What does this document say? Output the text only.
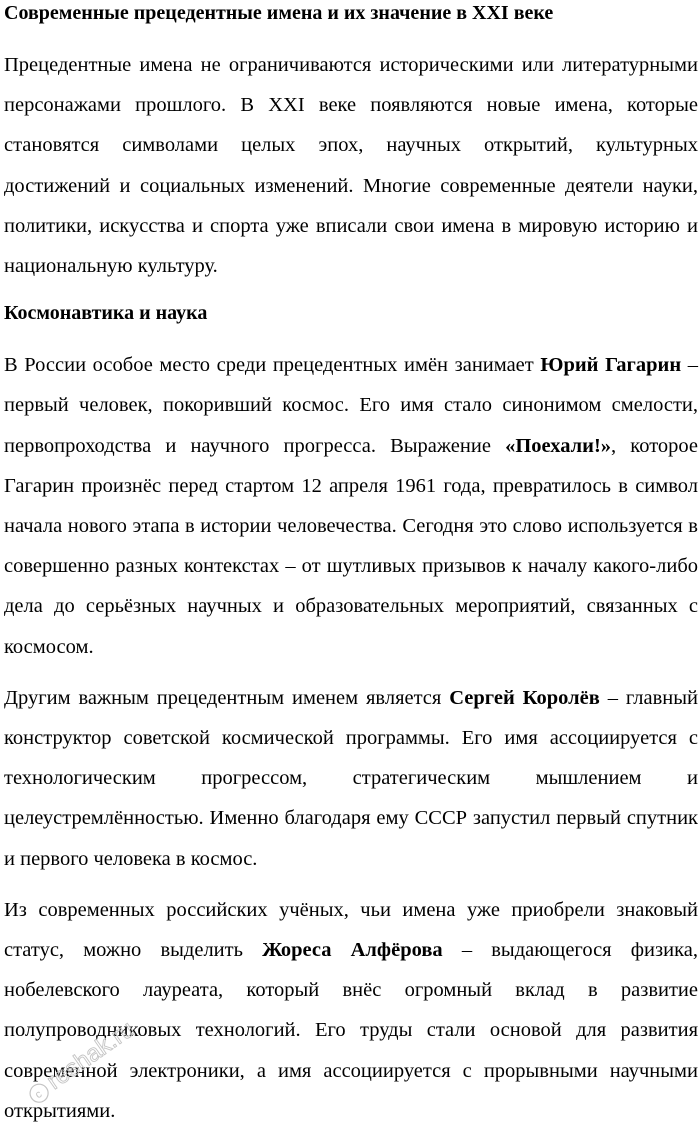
Современные прецедентные имена и их значение в XXI веке

Прецедентные имена не ограничиваются историческими или литературными персонажами прошлого. В XXI веке появляются новые имена, которые становятся символами целых эпох, научных открытий, культурных достижений и социальных изменений. Многие современные деятели науки, политики, искусства и спорта уже вписали свои имена в мировую историю и национальную культуру.

Космонавтика и наука

В России особое место среди прецедентных имён занимает Юрий Гагарин – первый человек, покоривший космос. Его имя стало синонимом смелости, первопроходства и научного прогресса. Выражение «Поехали!», которое Гагарин произнёс перед стартом 12 апреля 1961 года, превратилось в символ начала нового этапа в истории человечества. Сегодня это слово используется в совершенно разных контекстах – от шутливых призывов к началу какого-либо дела до серьёзных научных и образовательных мероприятий, связанных с космосом.

Другим важным прецедентным именем является Сергей Королёв – главный конструктор советской космической программы. Его имя ассоциируется с технологическим прогрессом, стратегическим мышлением и целеустремлённостью. Именно благодаря ему СССР запустил первый спутник и первого человека в космос.

Из современных российских учёных, чьи имена уже приобрели знаковый статус, можно выделить Жореса Алфёрова – выдающегося физика, нобелевского лауреата, который внёс огромный вклад в развитие полупроводниковых технологий. Его труды стали основой для развития современной электроники, а имя ассоциируется с прорывными научными открытиями.

c
reshak.ru
